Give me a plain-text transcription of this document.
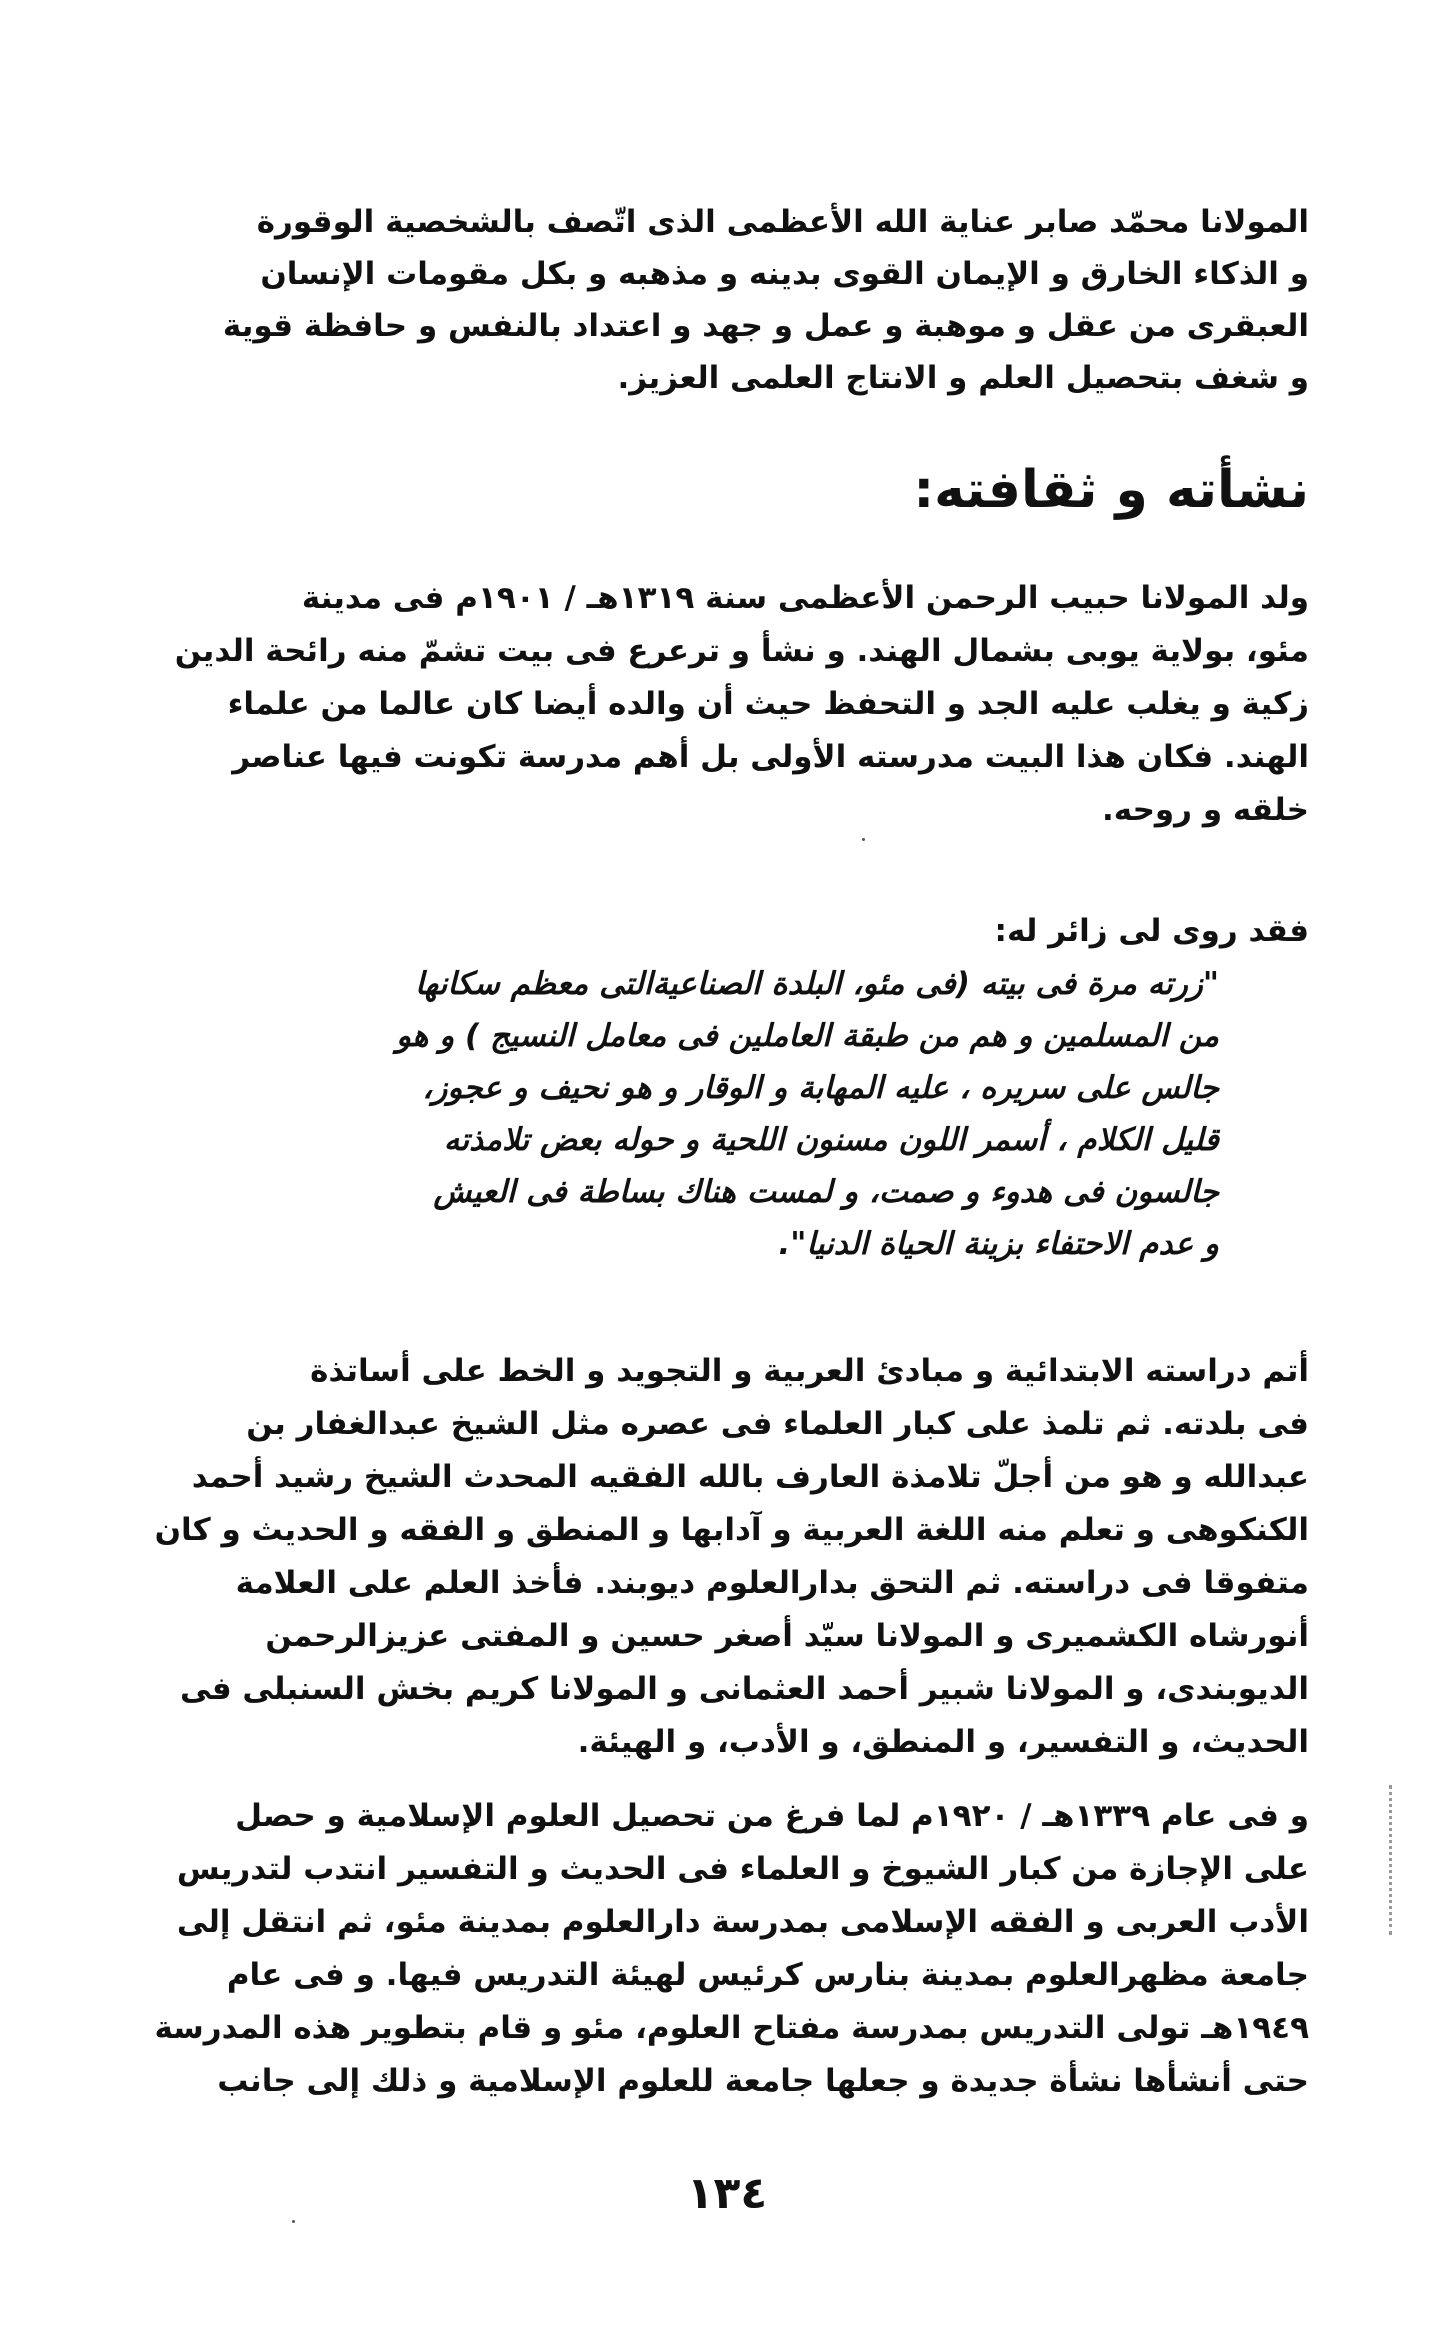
المولانا محمّد صابر عناية الله الأعظمى الذى اتّصف بالشخصية الوقورة
و الذكاء الخارق و الإيمان القوى بدينه و مذهبه و بكل مقومات الإنسان
العبقرى من عقل و موهبة و عمل و جهد و اعتداد بالنفس و حافظة قوية
و شغف بتحصيل العلم و الانتاج العلمى العزيز.
نشأته و ثقافته:
ولد المولانا حبيب الرحمن الأعظمى سنة ١٣١٩هـ / ١٩٠١م فى مدينة
مئو، بولاية يوبى بشمال الهند. و نشأ و ترعرع فى بيت تشمّ منه رائحة الدين
زكية و يغلب عليه الجد و التحفظ حيث أن والده أيضا كان عالما من علماء
الهند. فكان هذا البيت مدرسته الأولى بل أهم مدرسة تكونت فيها عناصر
خلقه و روحه.
فقد روى لى زائر له:
"زرته مرة فى بيته (فى مئو، البلدة الصناعيةالتى معظم سكانها
من المسلمين و هم من طبقة العاملين فى معامل النسيج ) و هو
جالس على سريره ، عليه المهابة و الوقار و هو نحيف و عجوز،
قليل الكلام ، أسمر اللون مسنون اللحية و حوله بعض تلامذته
جالسون فى هدوء و صمت، و لمست هناك بساطة فى العيش
و عدم الاحتفاء بزينة الحياة الدنيا".
أتم دراسته الابتدائية و مبادئ العربية و التجويد و الخط على أساتذة
فى بلدته. ثم تلمذ على كبار العلماء فى عصره مثل الشيخ عبدالغفار بن
عبدالله و هو من أجلّ تلامذة العارف بالله الفقيه المحدث الشيخ رشيد أحمد
الكنكوهى و تعلم منه اللغة العربية و آدابها و المنطق و الفقه و الحديث و كان
متفوقا فى دراسته. ثم التحق بدارالعلوم ديوبند. فأخذ العلم على العلامة
أنورشاه الكشميرى و المولانا سيّد أصغر حسين و المفتى عزيزالرحمن
الديوبندى، و المولانا شبير أحمد العثمانى و المولانا كريم بخش السنبلى فى
الحديث، و التفسير، و المنطق، و الأدب، و الهيئة.
و فى عام ١٣٣٩هـ / ١٩٢٠م لما فرغ من تحصيل العلوم الإسلامية و حصل
على الإجازة من كبار الشيوخ و العلماء فى الحديث و التفسير انتدب لتدريس
الأدب العربى و الفقه الإسلامى بمدرسة دارالعلوم بمدينة مئو، ثم انتقل إلى
جامعة مظهرالعلوم بمدينة بنارس كرئيس لهيئة التدريس فيها. و فى عام
١٩٤٩هـ تولى التدريس بمدرسة مفتاح العلوم، مئو و قام بتطوير هذه المدرسة
حتى أنشأها نشأة جديدة و جعلها جامعة للعلوم الإسلامية و ذلك إلى جانب
١٣٤
